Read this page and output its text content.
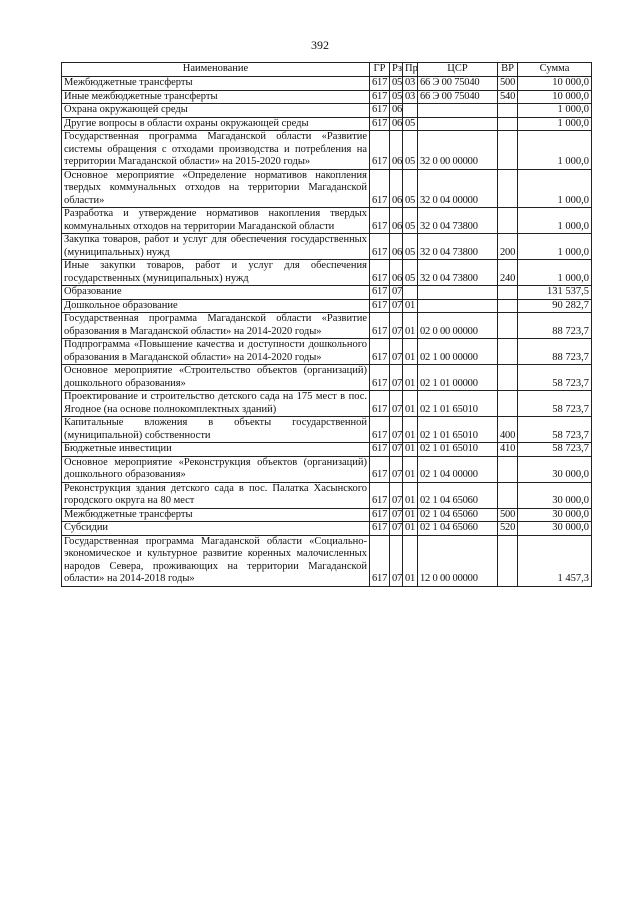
392
Наименование	ГР	Рз	Пр	ЦСР	ВР	Сумма
Межбюджетные трансферты	617	05	03	66 Э 00 75040	500	10 000,0
Иные межбюджетные трансферты	617	05	03	66 Э 00 75040	540	10 000,0
Охрана окружающей среды	617	06				1 000,0
Другие вопросы в области охраны окружающей среды	617	06	05			1 000,0
Государственная программа Магаданской области «Развитие системы обращения с отходами производства и потребления на территории Магаданской области» на 2015-2020 годы»	617	06	05	32 0 00 00000		1 000,0
Основное мероприятие «Определение нормативов накопления твердых коммунальных отходов на территории Магаданской области»	617	06	05	32 0 04 00000		1 000,0
Разработка и утверждение нормативов накопления твердых коммунальных отходов на территории Магаданской области	617	06	05	32 0 04 73800		1 000,0
Закупка товаров, работ и услуг для обеспечения государственных (муниципальных) нужд	617	06	05	32 0 04 73800	200	1 000,0
Иные закупки товаров, работ и услуг для обеспечения государственных (муниципальных) нужд	617	06	05	32 0 04 73800	240	1 000,0
Образование	617	07				131 537,5
Дошкольное образование	617	07	01			90 282,7
Государственная программа Магаданской области «Развитие образования в Магаданской области» на 2014-2020 годы»	617	07	01	02 0 00 00000		88 723,7
Подпрограмма «Повышение качества и доступности дошкольного образования в Магаданской области» на 2014-2020 годы»	617	07	01	02 1 00 00000		88 723,7
Основное мероприятие «Строительство объектов (организаций) дошкольного образования»	617	07	01	02 1 01 00000		58 723,7
Проектирование и строительство детского сада на 175 мест в пос. Ягодное (на основе полнокомплектных зданий)	617	07	01	02 1 01 65010		58 723,7
Капитальные вложения в объекты государственной (муниципальной) собственности	617	07	01	02 1 01 65010	400	58 723,7
Бюджетные инвестиции	617	07	01	02 1 01 65010	410	58 723,7
Основное мероприятие «Реконструкция объектов (организаций) дошкольного образования»	617	07	01	02 1 04 00000		30 000,0
Реконструкция здания детского сада в пос. Палатка Хасынского городского округа на 80 мест	617	07	01	02 1 04 65060		30 000,0
Межбюджетные трансферты	617	07	01	02 1 04 65060	500	30 000,0
Субсидии	617	07	01	02 1 04 65060	520	30 000,0
Государственная программа Магаданской области «Социально-экономическое и культурное развитие коренных малочисленных народов Севера, проживающих на территории Магаданской области» на 2014-2018 годы»	617	07	01	12 0 00 00000		1 457,3
